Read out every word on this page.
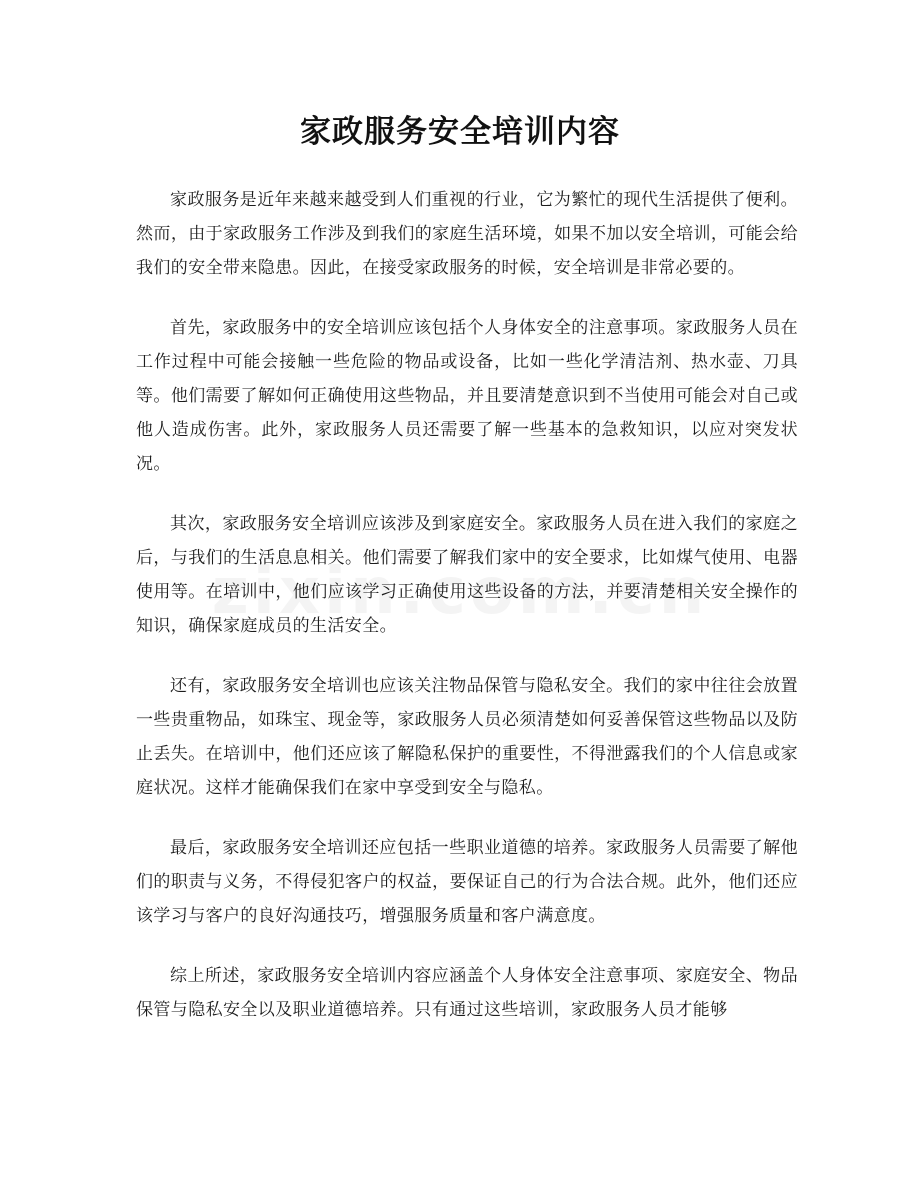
家政服务安全培训内容

家政服务是近年来越来越受到人们重视的行业，它为繁忙的现代生活提供了便利。然而，由于家政服务工作涉及到我们的家庭生活环境，如果不加以安全培训，可能会给我们的安全带来隐患。因此，在接受家政服务的时候，安全培训是非常必要的。

首先，家政服务中的安全培训应该包括个人身体安全的注意事项。家政服务人员在工作过程中可能会接触一些危险的物品或设备，比如一些化学清洁剂、热水壶、刀具等。他们需要了解如何正确使用这些物品，并且要清楚意识到不当使用可能会对自己或他人造成伤害。此外，家政服务人员还需要了解一些基本的急救知识，以应对突发状况。

其次，家政服务安全培训应该涉及到家庭安全。家政服务人员在进入我们的家庭之后，与我们的生活息息相关。他们需要了解我们家中的安全要求，比如煤气使用、电器使用等。在培训中，他们应该学习正确使用这些设备的方法，并要清楚相关安全操作的知识，确保家庭成员的生活安全。

还有，家政服务安全培训也应该关注物品保管与隐私安全。我们的家中往往会放置一些贵重物品，如珠宝、现金等，家政服务人员必须清楚如何妥善保管这些物品以及防止丢失。在培训中，他们还应该了解隐私保护的重要性，不得泄露我们的个人信息或家庭状况。这样才能确保我们在家中享受到安全与隐私。

最后，家政服务安全培训还应包括一些职业道德的培养。家政服务人员需要了解他们的职责与义务，不得侵犯客户的权益，要保证自己的行为合法合规。此外，他们还应该学习与客户的良好沟通技巧，增强服务质量和客户满意度。

综上所述，家政服务安全培训内容应涵盖个人身体安全注意事项、家庭安全、物品保管与隐私安全以及职业道德培养。只有通过这些培训，家政服务人员才能够
